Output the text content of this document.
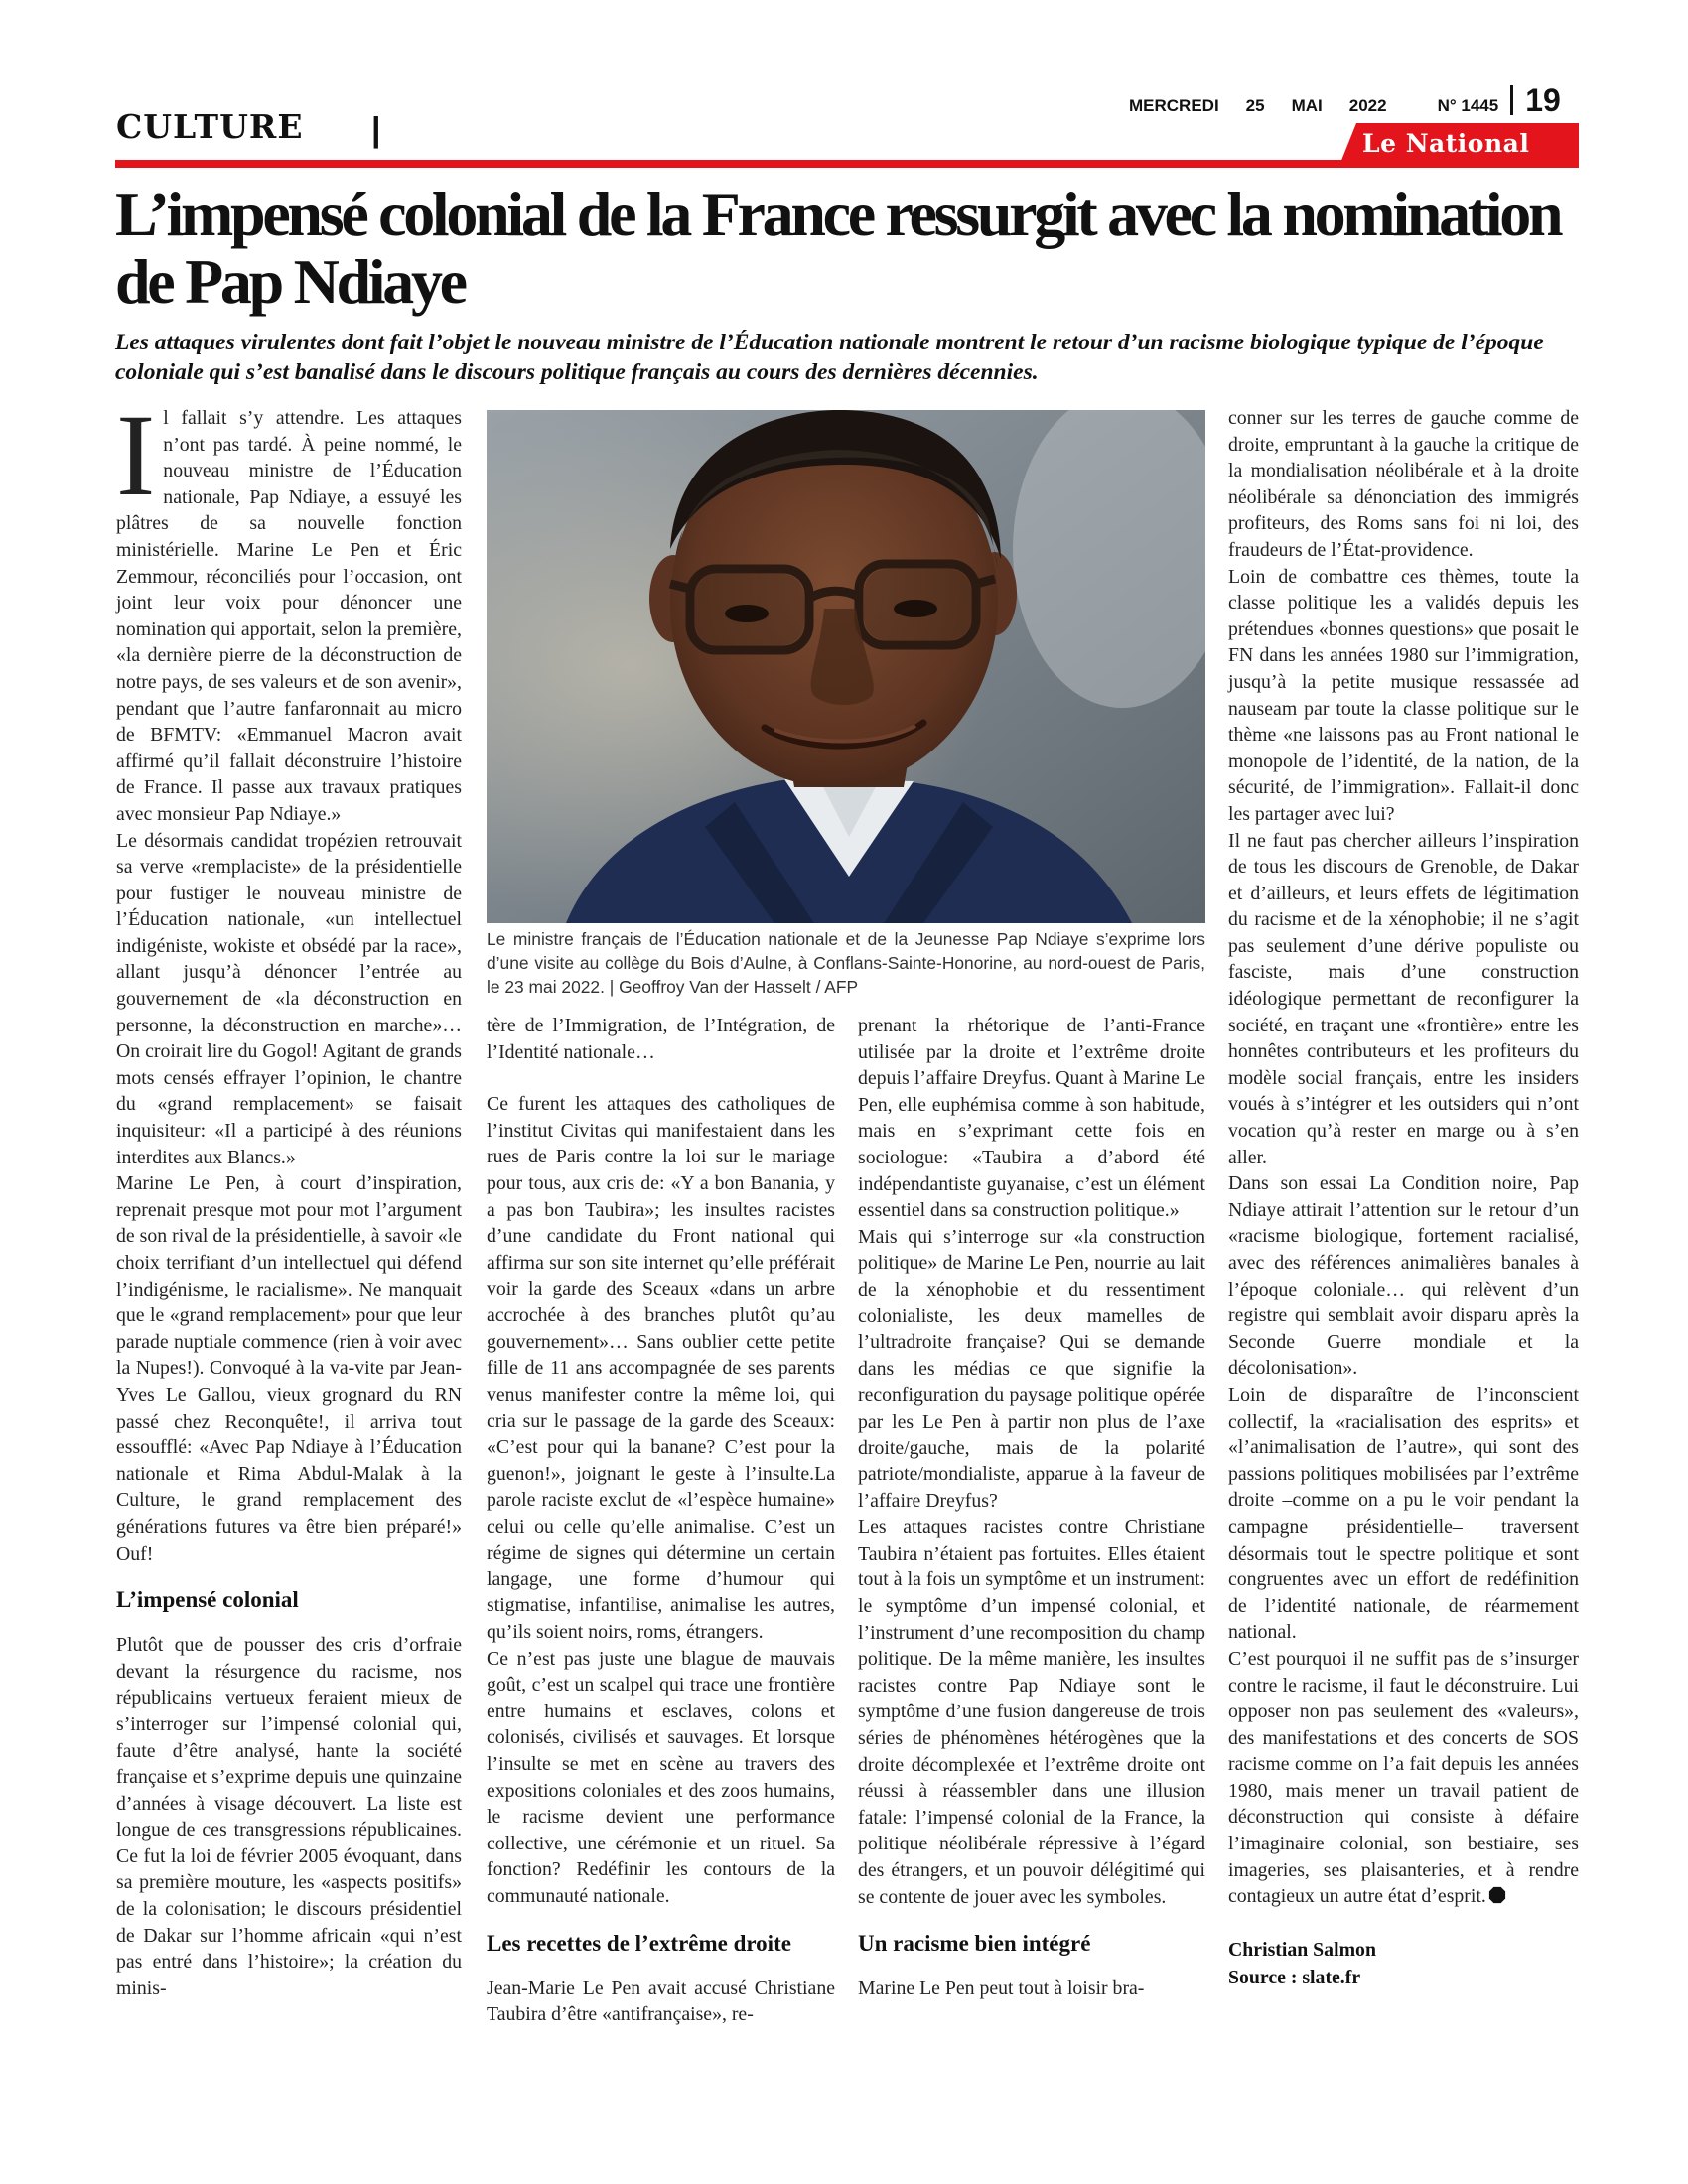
CULTURE |
MERCREDI 25 MAI 2022	N° 1445 19
Le National
L’impensé colonial de la France ressurgit avec la nomination de Pap Ndiaye

Les attaques virulentes dont fait l’objet le nouveau ministre de l’Éducation nationale montrent le retour d’un racisme biologique typique de l’époque coloniale qui s’est banalisé dans le discours politique français au cours des dernières décennies.

Il fallait s’y attendre. Les attaques n’ont pas tardé. À peine nommé, le nouveau ministre de l’Éducation nationale, Pap Ndiaye, a essuyé les plâtres de sa nouvelle fonction ministérielle. Marine Le Pen et Éric Zemmour, réconciliés pour l’occasion, ont joint leur voix pour dénoncer une nomination qui apportait, selon la première, «la dernière pierre de la déconstruction de notre pays, de ses valeurs et de son avenir», pendant que l’autre fanfaronnait au micro de BFMTV: «Emmanuel Macron avait affirmé qu’il fallait déconstruire l’histoire de France. Il passe aux travaux pratiques avec monsieur Pap Ndiaye.»

Le désormais candidat tropézien retrouvait sa verve «remplaciste» de la présidentielle pour fustiger le nouveau ministre de l’Éducation nationale, «un intellectuel indigéniste, wokiste et obsédé par la race», allant jusqu’à dénoncer l’entrée au gouvernement de «la déconstruction en personne, la déconstruction en marche»… On croirait lire du Gogol! Agitant de grands mots censés effrayer l’opinion, le chantre du «grand remplacement» se faisait inquisiteur: «Il a participé à des réunions interdites aux Blancs.»

Marine Le Pen, à court d’inspiration, reprenait presque mot pour mot l’argument de son rival de la présidentielle, à savoir «le choix terrifiant d’un intellectuel qui défend l’indigénisme, le racialisme». Ne manquait que le «grand remplacement» pour que leur parade nuptiale commence (rien à voir avec la Nupes!). Convoqué à la va-vite par Jean-Yves Le Gallou, vieux grognard du RN passé chez Reconquête!, il arriva tout essoufflé: «Avec Pap Ndiaye à l’Éducation nationale et Rima Abdul-Malak à la Culture, le grand remplacement des générations futures va être bien préparé!» Ouf!

L’impensé colonial

Plutôt que de pousser des cris d’orfraie devant la résurgence du racisme, nos républicains vertueux feraient mieux de s’interroger sur l’impensé colonial qui, faute d’être analysé, hante la société française et s’exprime depuis une quinzaine d’années à visage découvert. La liste est longue de ces transgressions républicaines. Ce fut la loi de février 2005 évoquant, dans sa première mouture, les «aspects positifs» de la colonisation; le discours présidentiel de Dakar sur l’homme africain «qui n’est pas entré dans l’histoire»; la création du minis-

Le ministre français de l’Éducation nationale et de la Jeunesse Pap Ndiaye s’exprime lors d’une visite au collège du Bois d’Aulne, à Conflans-Sainte-Honorine, au nord-ouest de Paris, le 23 mai 2022. | Geoffroy Van der Hasselt / AFP

tère de l’Immigration, de l’Intégration, de l’Identité nationale…

Ce furent les attaques des catholiques de l’institut Civitas qui manifestaient dans les rues de Paris contre la loi sur le mariage pour tous, aux cris de: «Y a bon Banania, y a pas bon Taubira»; les insultes racistes d’une candidate du Front national qui affirma sur son site internet qu’elle préférait voir la garde des Sceaux «dans un arbre accrochée à des branches plutôt qu’au gouvernement»… Sans oublier cette petite fille de 11 ans accompagnée de ses parents venus manifester contre la même loi, qui cria sur le passage de la garde des Sceaux: «C’est pour qui la banane? C’est pour la guenon!», joignant le geste à l’insulte.La parole raciste exclut de «l’espèce humaine» celui ou celle qu’elle animalise. C’est un régime de signes qui détermine un certain langage, une forme d’humour qui stigmatise, infantilise, animalise les autres, qu’ils soient noirs, roms, étrangers.

Ce n’est pas juste une blague de mauvais goût, c’est un scalpel qui trace une frontière entre humains et esclaves, colons et colonisés, civilisés et sauvages. Et lorsque l’insulte se met en scène au travers des expositions coloniales et des zoos humains, le racisme devient une performance collective, une cérémonie et un rituel. Sa fonction? Redéfinir les contours de la communauté nationale.

Les recettes de l’extrême droite

Jean-Marie Le Pen avait accusé Christiane Taubira d’être «antifrançaise», re-

prenant la rhétorique de l’anti-France utilisée par la droite et l’extrême droite depuis l’affaire Dreyfus. Quant à Marine Le Pen, elle euphémisa comme à son habitude, mais en s’exprimant cette fois en sociologue: «Taubira a d’abord été indépendantiste guyanaise, c’est un élément essentiel dans sa construction politique.»

Mais qui s’interroge sur «la construction politique» de Marine Le Pen, nourrie au lait de la xénophobie et du ressentiment colonialiste, les deux mamelles de l’ultradroite française? Qui se demande dans les médias ce que signifie la reconfiguration du paysage politique opérée par les Le Pen à partir non plus de l’axe droite/gauche, mais de la polarité patriote/mondialiste, apparue à la faveur de l’affaire Dreyfus?

Les attaques racistes contre Christiane Taubira n’étaient pas fortuites. Elles étaient tout à la fois un symptôme et un instrument: le symptôme d’un impensé colonial, et l’instrument d’une recomposition du champ politique. De la même manière, les insultes racistes contre Pap Ndiaye sont le symptôme d’une fusion dangereuse de trois séries de phénomènes hétérogènes que la droite décomplexée et l’extrême droite ont réussi à réassembler dans une illusion fatale: l’impensé colonial de la France, la politique néolibérale répressive à l’égard des étrangers, et un pouvoir délégitimé qui se contente de jouer avec les symboles.

Un racisme bien intégré

Marine Le Pen peut tout à loisir bra-

conner sur les terres de gauche comme de droite, empruntant à la gauche la critique de la mondialisation néolibérale et à la droite néolibérale sa dénonciation des immigrés profiteurs, des Roms sans foi ni loi, des fraudeurs de l’État-providence.

Loin de combattre ces thèmes, toute la classe politique les a validés depuis les prétendues «bonnes questions» que posait le FN dans les années 1980 sur l’immigration, jusqu’à la petite musique ressassée ad nauseam par toute la classe politique sur le thème «ne laissons pas au Front national le monopole de l’identité, de la nation, de la sécurité, de l’immigration». Fallait-il donc les partager avec lui?

Il ne faut pas chercher ailleurs l’inspiration de tous les discours de Grenoble, de Dakar et d’ailleurs, et leurs effets de légitimation du racisme et de la xénophobie; il ne s’agit pas seulement d’une dérive populiste ou fasciste, mais d’une construction idéologique permettant de reconfigurer la société, en traçant une «frontière» entre les honnêtes contributeurs et les profiteurs du modèle social français, entre les insiders voués à s’intégrer et les outsiders qui n’ont vocation qu’à rester en marge ou à s’en aller.

Dans son essai La Condition noire, Pap Ndiaye attirait l’attention sur le retour d’un «racisme biologique, fortement racialisé, avec des références animalières banales à l’époque coloniale… qui relèvent d’un registre qui semblait avoir disparu après la Seconde Guerre mondiale et la décolonisation».

Loin de disparaître de l’inconscient collectif, la «racialisation des esprits» et «l’animalisation de l’autre», qui sont des passions politiques mobilisées par l’extrême droite –comme on a pu le voir pendant la campagne présidentielle– traversent désormais tout le spectre politique et sont congruentes avec un effort de redéfinition de l’identité nationale, de réarmement national.

C’est pourquoi il ne suffit pas de s’insurger contre le racisme, il faut le déconstruire. Lui opposer non pas seulement des «valeurs», des manifestations et des concerts de SOS racisme comme on l’a fait depuis les années 1980, mais mener un travail patient de déconstruction qui consiste à défaire l’imaginaire colonial, son bestiaire, ses imageries, ses plaisanteries, et à rendre contagieux un autre état d’esprit.

Christian Salmon
Source : slate.fr
